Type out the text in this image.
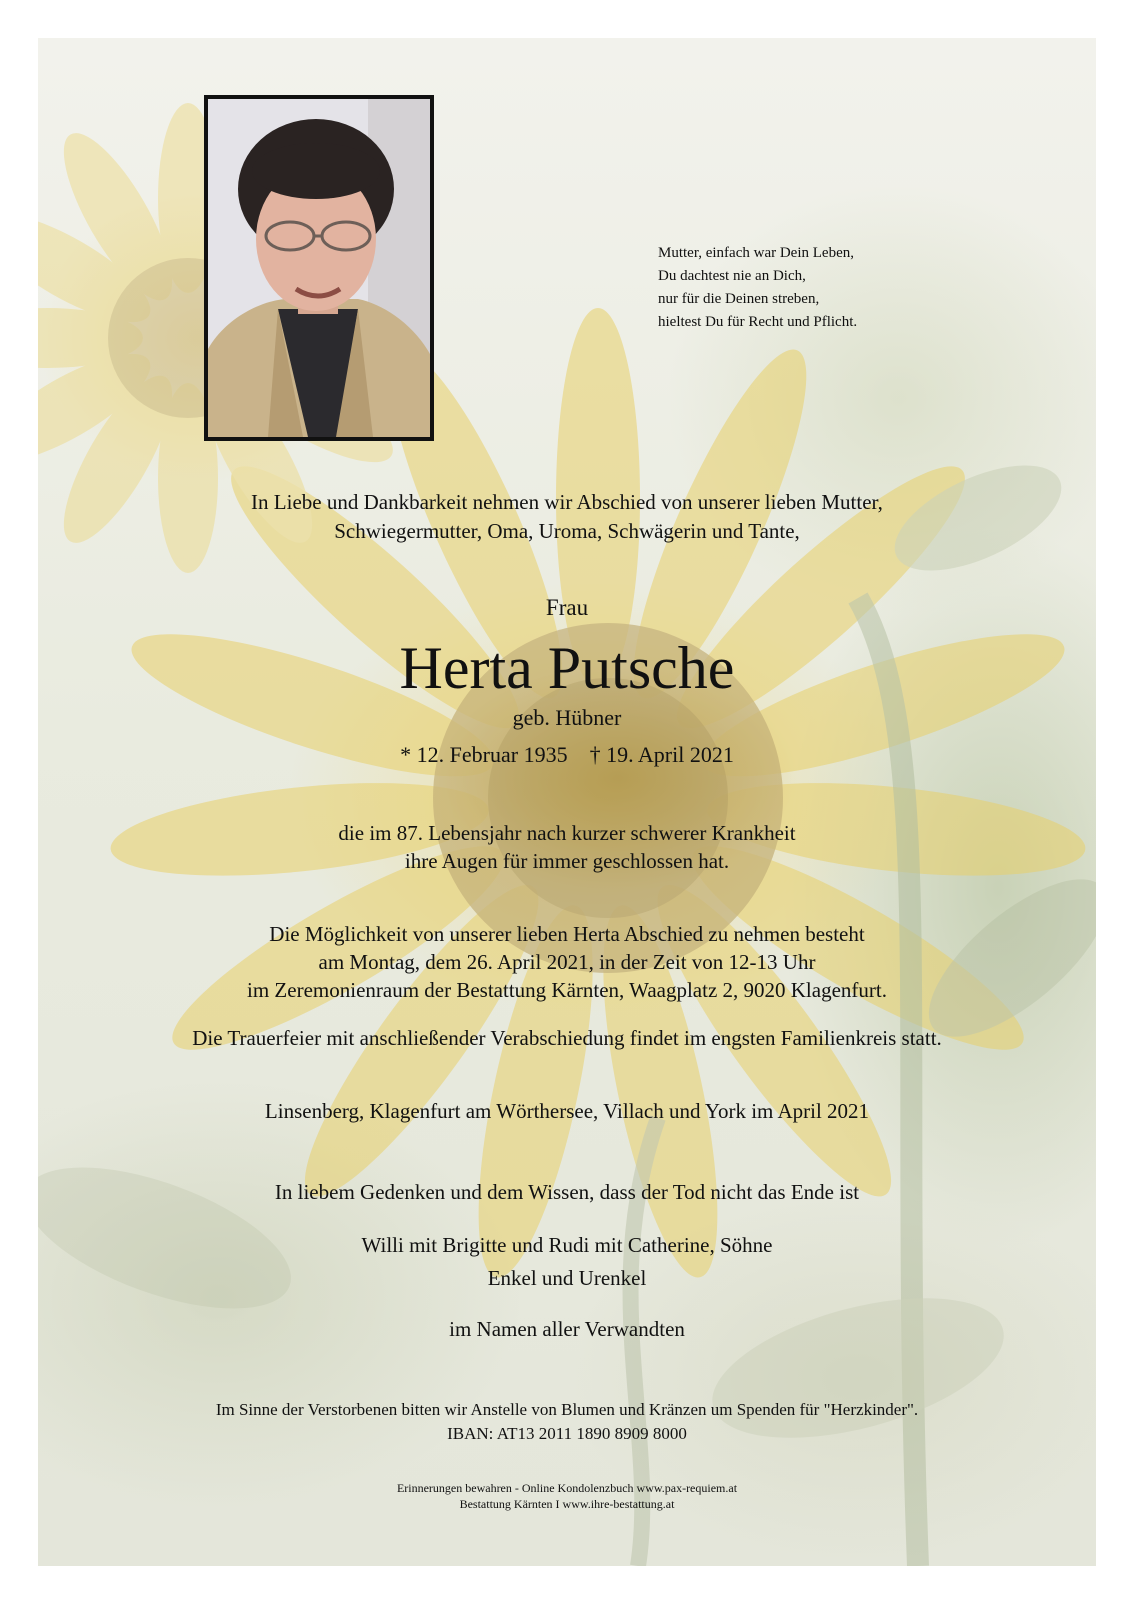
Mutter, einfach war Dein Leben,
Du dachtest nie an Dich,
nur für die Deinen streben,
hieltest Du für Recht und Pflicht.
In Liebe und Dankbarkeit nehmen wir Abschied von unserer lieben Mutter,
Schwiegermutter, Oma, Uroma, Schwägerin und Tante,
Frau
Herta Putsche
geb. Hübner
* 12. Februar 1935 † 19. April 2021
die im 87. Lebensjahr nach kurzer schwerer Krankheit
ihre Augen für immer geschlossen hat.
Die Möglichkeit von unserer lieben Herta Abschied zu nehmen besteht
am Montag, dem 26. April 2021, in der Zeit von 12-13 Uhr
im Zeremonienraum der Bestattung Kärnten, Waagplatz 2, 9020 Klagenfurt.
Die Trauerfeier mit anschließender Verabschiedung findet im engsten Familienkreis statt.
Linsenberg, Klagenfurt am Wörthersee, Villach und York im April 2021
In liebem Gedenken und dem Wissen, dass der Tod nicht das Ende ist
Willi mit Brigitte und Rudi mit Catherine, Söhne
Enkel und Urenkel
im Namen aller Verwandten
Im Sinne der Verstorbenen bitten wir Anstelle von Blumen und Kränzen um Spenden für "Herzkinder".
IBAN: AT13 2011 1890 8909 8000
Erinnerungen bewahren - Online Kondolenzbuch www.pax-requiem.at
Bestattung Kärnten I www.ihre-bestattung.at
